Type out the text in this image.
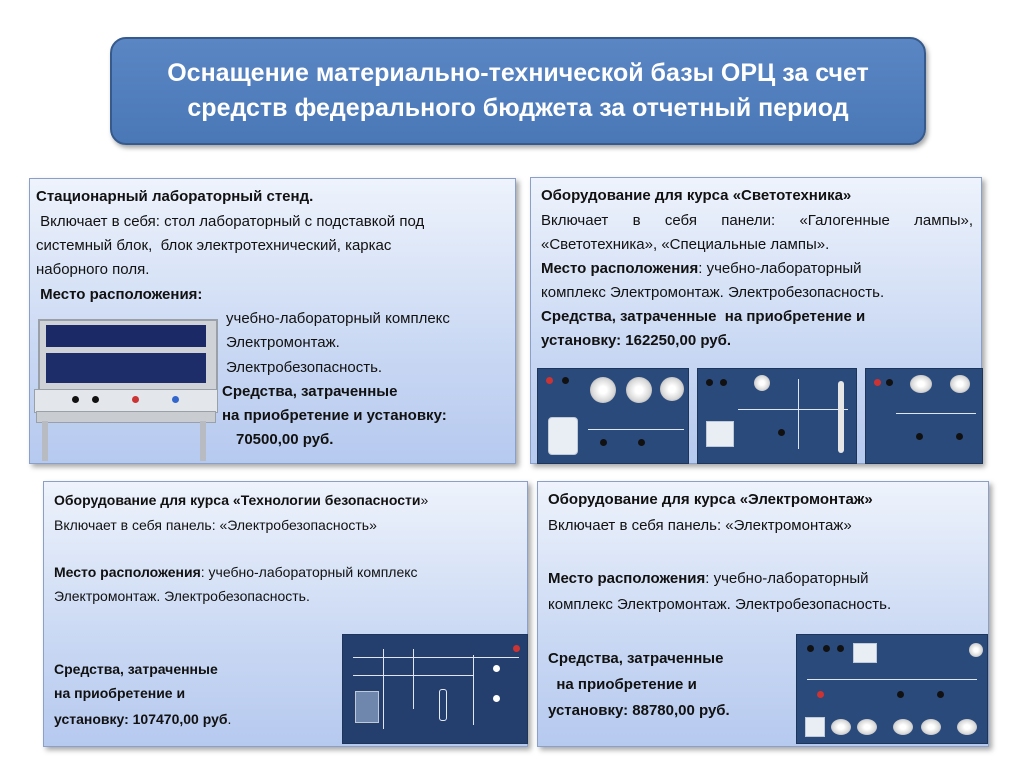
Оснащение материально-технической базы ОРЦ за счет
средств федерального бюджета за отчетный период

Стационарный лабораторный стенд.

Включает в себя: стол лабораторный с подставкой под

системный блок,  блок электротехнический, каркас

наборного поля.

Место расположения:

учебно-лабораторный комплекс

Электромонтаж.

Электробезопасность.

Средства, затраченные

на приобретение и установку:

70500,00 руб.

Оборудование для курса «Светотехника»

Включает в себя панели: «Галогенные лампы»,

«Светотехника», «Специальные лампы».

Место расположения: учебно-лабораторный

комплекс Электромонтаж. Электробезопасность.

Средства, затраченные  на приобретение и

установку: 162250,00 руб.

Оборудование для курса «Технологии безопасности»

Включает в себя панель: «Электробезопасность»

Место расположения: учебно-лабораторный комплекс

Электромонтаж. Электробезопасность.

Средства, затраченные

на приобретение и

установку: 107470,00 руб.

Оборудование для курса «Электромонтаж»

Включает в себя панель: «Электромонтаж»

Место расположения: учебно-лабораторный

комплекс Электромонтаж. Электробезопасность.

Средства, затраченные

на приобретение и

установку: 88780,00 руб.
